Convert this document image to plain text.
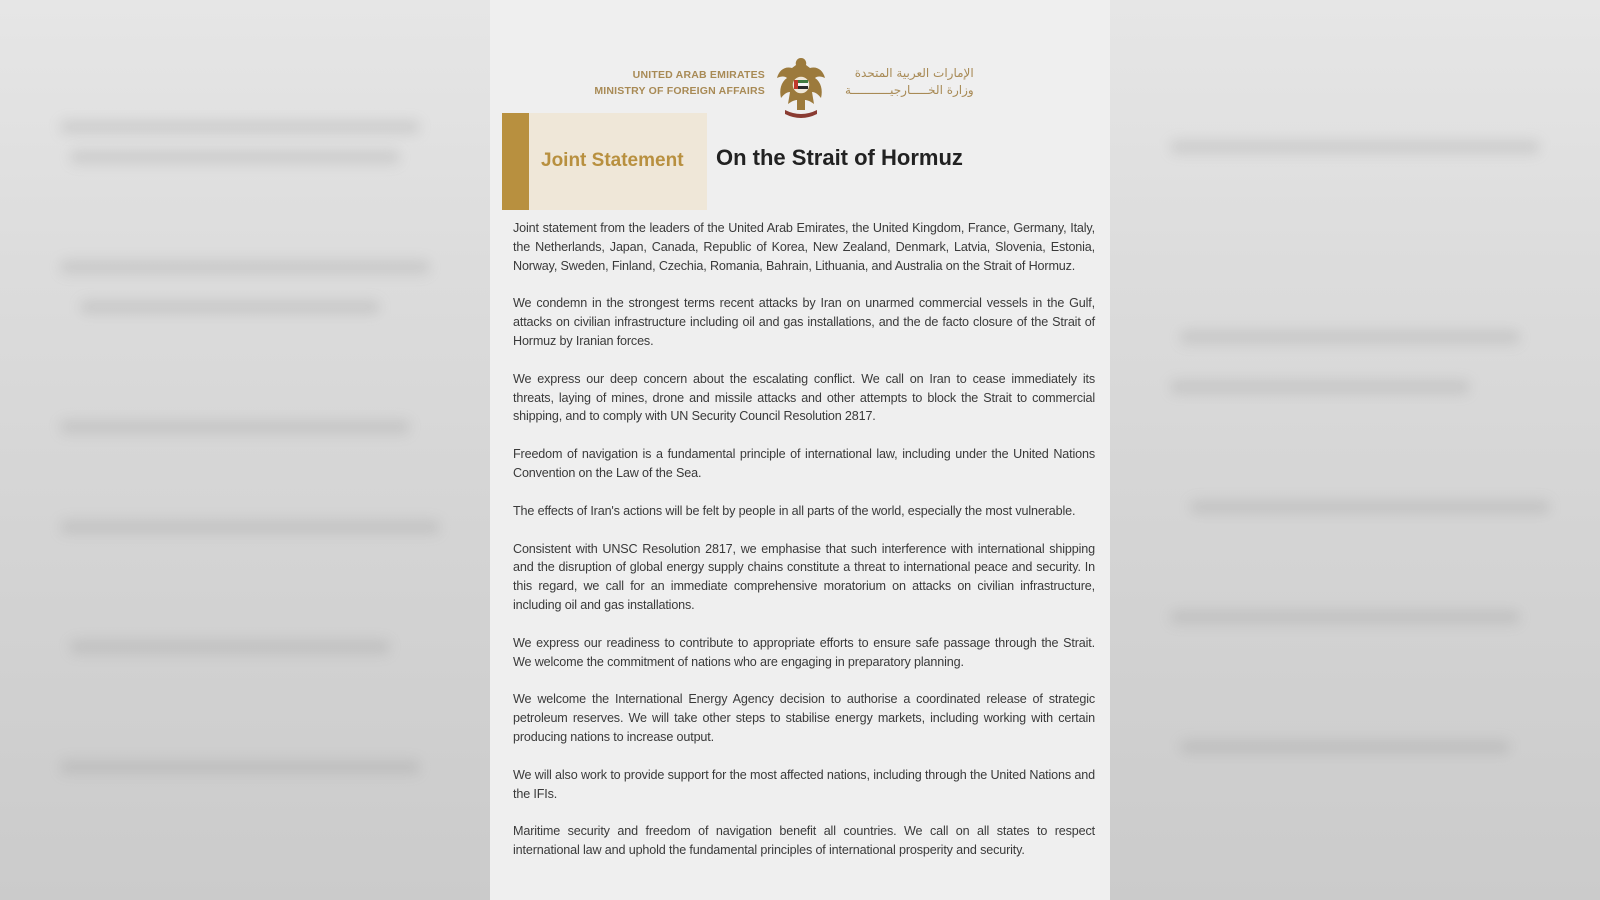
UNITED ARAB EMIRATES
MINISTRY OF FOREIGN AFFAIRS
الإمارات العربية المتحدة
وزارة الخـــــارجيـــــــــــة
Joint Statement On the Strait of Hormuz

Joint statement from the leaders of the United Arab Emirates, the United Kingdom, France, Germany, Italy, the Netherlands, Japan, Canada, Republic of Korea, New Zealand, Denmark, Latvia, Slovenia, Estonia, Norway, Sweden, Finland, Czechia, Romania, Bahrain, Lithuania, and Australia on the Strait of Hormuz.

We condemn in the strongest terms recent attacks by Iran on unarmed commercial vessels in the Gulf, attacks on civilian infrastructure including oil and gas installations, and the de facto closure of the Strait of Hormuz by Iranian forces.

We express our deep concern about the escalating conflict. We call on Iran to cease immediately its threats, laying of mines, drone and missile attacks and other attempts to block the Strait to commercial shipping, and to comply with UN Security Council Resolution 2817.

Freedom of navigation is a fundamental principle of international law, including under the United Nations Convention on the Law of the Sea.

The effects of Iran's actions will be felt by people in all parts of the world, especially the most vulnerable.

Consistent with UNSC Resolution 2817, we emphasise that such interference with international shipping and the disruption of global energy supply chains constitute a threat to international peace and security. In this regard, we call for an immediate comprehensive moratorium on attacks on civilian infrastructure, including oil and gas installations.

We express our readiness to contribute to appropriate efforts to ensure safe passage through the Strait. We welcome the commitment of nations who are engaging in preparatory planning.

We welcome the International Energy Agency decision to authorise a coordinated release of strategic petroleum reserves. We will take other steps to stabilise energy markets, including working with certain producing nations to increase output.

We will also work to provide support for the most affected nations, including through the United Nations and the IFIs.

Maritime security and freedom of navigation benefit all countries. We call on all states to respect international law and uphold the fundamental principles of international prosperity and security.
